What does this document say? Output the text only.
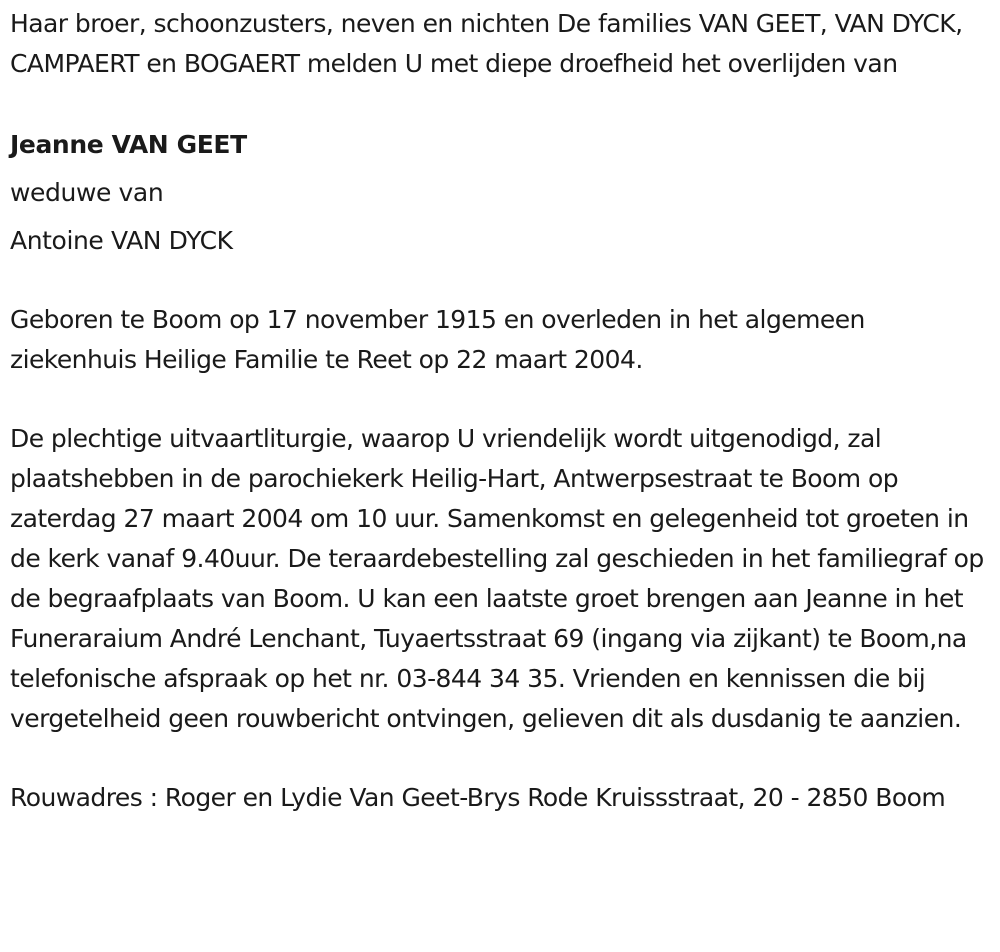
Haar broer, schoonzusters, neven en nichten De families VAN GEET, VAN DYCK, CAMPAERT en BOGAERT melden U met diepe droefheid het overlijden van

Jeanne VAN GEET

weduwe van

Antoine VAN DYCK

Geboren te Boom op 17 november 1915 en overleden in het algemeen ziekenhuis Heilige Familie te Reet op 22 maart 2004.

De plechtige uitvaartliturgie, waarop U vriendelijk wordt uitgenodigd, zal plaatshebben in de parochiekerk Heilig-Hart, Antwerpsestraat te Boom op zaterdag 27 maart 2004 om 10 uur. Samenkomst en gelegenheid tot groeten in de kerk vanaf 9.40uur. De teraardebestelling zal geschieden in het familiegraf op de begraafplaats van Boom. U kan een laatste groet brengen aan Jeanne in het Funeraraium André Lenchant, Tuyaertsstraat 69 (ingang via zijkant) te Boom,na telefonische afspraak op het nr. 03-844 34 35. Vrienden en kennissen die bij vergetelheid geen rouwbericht ontvingen, gelieven dit als dusdanig te aanzien.

Rouwadres : Roger en Lydie Van Geet-Brys Rode Kruissstraat, 20 - 2850 Boom
